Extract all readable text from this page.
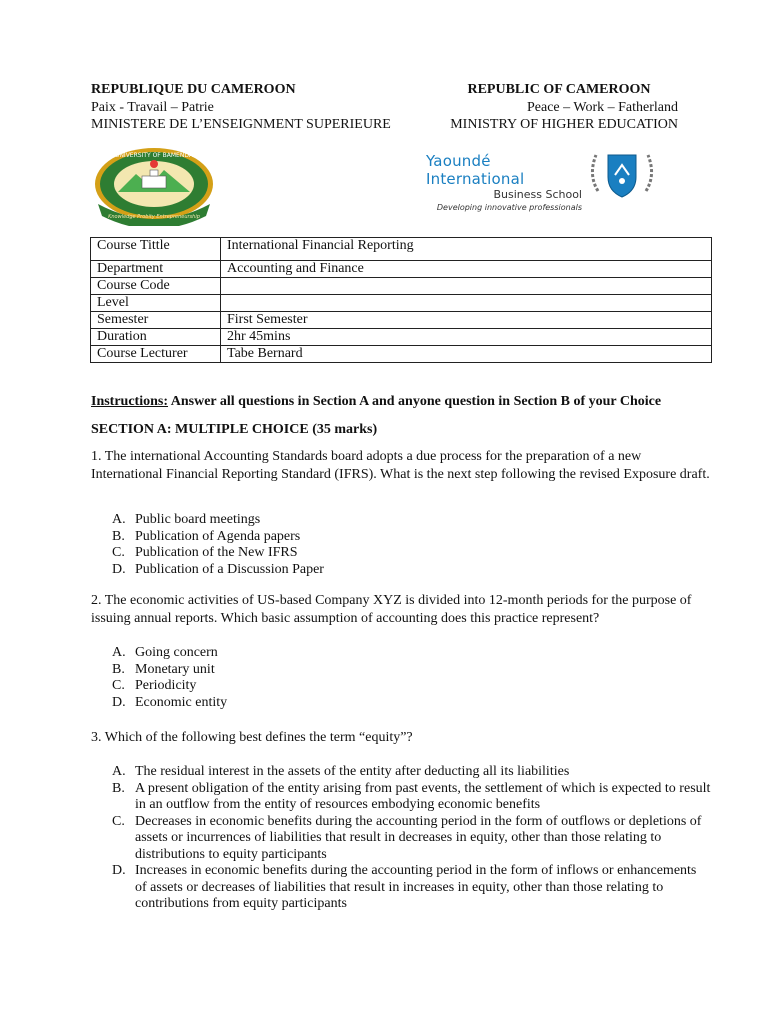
REPUBLIQUE DU CAMEROON
Paix - Travail – Patrie
MINISTERE DE L’ENSEIGNMENT SUPERIEURE
REPUBLIC OF CAMEROON
Peace – Work – Fatherland
MINISTRY OF HIGHER EDUCATION
UNIVERSITY OF BAMENDA
Knowledge Probity Entrepreneurship
Yaoundé International
Business School
Developing innovative professionals
Course Tittle	International Financial Reporting
Department	Accounting and Finance
Course Code	
Level	
Semester	First Semester
Duration	2hr 45mins
Course Lecturer	Tabe Bernard
Instructions: Answer all questions in Section A and anyone question in Section B of your Choice
SECTION A: MULTIPLE CHOICE (35 marks)
1. The international Accounting Standards board adopts a due process for the preparation of a new International Financial Reporting Standard (IFRS). What is the next step following the revised Exposure draft.
A. Public board meetings
B. Publication of Agenda papers
C. Publication of the New IFRS
D. Publication of a Discussion Paper
2. The economic activities of US-based Company XYZ is divided into 12-month periods for the purpose of issuing annual reports. Which basic assumption of accounting does this practice represent?
A. Going concern
B. Monetary unit
C. Periodicity
D. Economic entity
3. Which of the following best defines the term “equity”?
A. The residual interest in the assets of the entity after deducting all its liabilities
B. A present obligation of the entity arising from past events, the settlement of which is expected to result in an outflow from the entity of resources embodying economic benefits
C. Decreases in economic benefits during the accounting period in the form of outflows or depletions of assets or incurrences of liabilities that result in decreases in equity, other than those relating to distributions to equity participants
D. Increases in economic benefits during the accounting period in the form of inflows or enhancements of assets or decreases of liabilities that result in increases in equity, other than those relating to contributions from equity participants
